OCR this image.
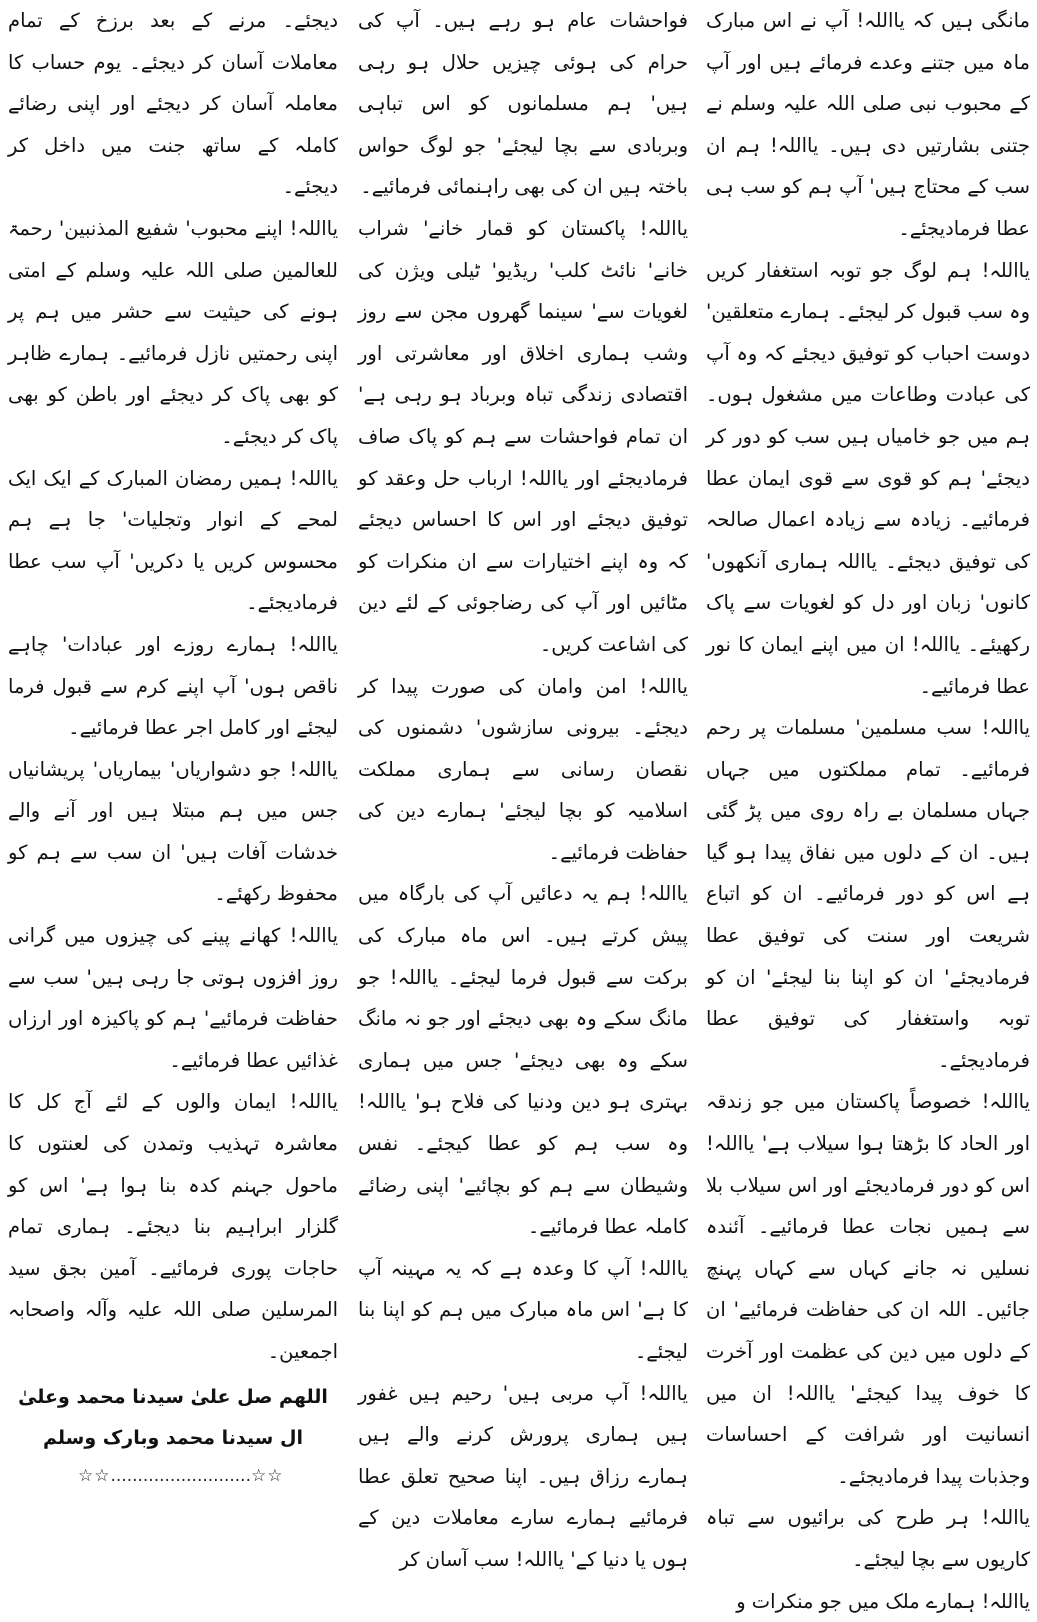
مانگی ہیں کہ یااللہ! آپ نے اس مبارک ماہ میں جتنے وعدے فرمائے ہیں اور آپ کے محبوب نبی صلی اللہ علیہ وسلم نے جتنی بشارتیں دی ہیں۔ یااللہ! ہم ان سب کے محتاج ہیں' آپ ہم کو سب ہی عطا فرمادیجئے۔

یااللہ! ہم لوگ جو توبہ استغفار کریں وہ سب قبول کر لیجئے۔ ہمارے متعلقین' دوست احباب کو توفیق دیجئے کہ وہ آپ کی عبادت وطاعات میں مشغول ہوں۔ ہم میں جو خامیاں ہیں سب کو دور کر دیجئے' ہم کو قوی سے قوی ایمان عطا فرمائیے۔ زیادہ سے زیادہ اعمال صالحہ کی توفیق دیجئے۔ یااللہ ہماری آنکھوں' کانوں' زبان اور دل کو لغویات سے پاک رکھیئے۔ یااللہ! ان میں اپنے ایمان کا نور عطا فرمائیے۔

یااللہ! سب مسلمین' مسلمات پر رحم فرمائیے۔ تمام مملکتوں میں جہاں جہاں مسلمان بے راہ روی میں پڑ گئی ہیں۔ ان کے دلوں میں نفاق پیدا ہو گیا ہے اس کو دور فرمائیے۔ ان کو اتباع شریعت اور سنت کی توفیق عطا فرمادیجئے' ان کو اپنا بنا لیجئے' ان کو توبہ واستغفار کی توفیق عطا فرمادیجئے۔

یااللہ! خصوصاً پاکستان میں جو زندقہ اور الحاد کا بڑھتا ہوا سیلاب ہے' یااللہ! اس کو دور فرمادیجئے اور اس سیلاب بلا سے ہمیں نجات عطا فرمائیے۔ آئندہ نسلیں نہ جانے کہاں سے کہاں پہنچ جائیں۔ اللہ ان کی حفاظت فرمائیے' ان کے دلوں میں دین کی عظمت اور آخرت کا خوف پیدا کیجئے' یااللہ! ان میں انسانیت اور شرافت کے احساسات وجذبات پیدا فرمادیجئے۔

یااللہ! ہر طرح کی برائیوں سے تباہ کاریوں سے بچا لیجئے۔

یااللہ! ہمارے ملک میں جو منکرات و

فواحشات عام ہو رہے ہیں۔ آپ کی حرام کی ہوئی چیزیں حلال ہو رہی ہیں' ہم مسلمانوں کو اس تباہی وبربادی سے بچا لیجئے' جو لوگ حواس باختہ ہیں ان کی بھی راہنمائی فرمائیے۔

یااللہ! پاکستان کو قمار خانے' شراب خانے' نائٹ کلب' ریڈیو' ٹیلی ویژن کی لغویات سے' سینما گھروں مجن سے روز وشب ہماری اخلاق اور معاشرتی اور اقتصادی زندگی تباہ وبرباد ہو رہی ہے' ان تمام فواحشات سے ہم کو پاک صاف فرمادیجئے اور یااللہ! ارباب حل وعقد کو توفیق دیجئے اور اس کا احساس دیجئے کہ وہ اپنے اختیارات سے ان منکرات کو مٹائیں اور آپ کی رضاجوئی کے لئے دین کی اشاعت کریں۔

یااللہ! امن وامان کی صورت پیدا کر دیجئے۔ بیرونی سازشوں' دشمنوں کی نقصان رسانی سے ہماری مملکت اسلامیہ کو بچا لیجئے' ہمارے دین کی حفاظت فرمائیے۔

یااللہ! ہم یہ دعائیں آپ کی بارگاہ میں پیش کرتے ہیں۔ اس ماہ مبارک کی برکت سے قبول فرما لیجئے۔ یااللہ! جو مانگ سکے وہ بھی دیجئے اور جو نہ مانگ سکے وہ بھی دیجئے' جس میں ہماری بہتری ہو دین ودنیا کی فلاح ہو' یااللہ! وہ سب ہم کو عطا کیجئے۔ نفس وشیطان سے ہم کو بچائیے' اپنی رضائے کاملہ عطا فرمائیے۔

یااللہ! آپ کا وعدہ ہے کہ یہ مہینہ آپ کا ہے' اس ماہ مبارک میں ہم کو اپنا بنا لیجئے۔

یااللہ! آپ مربی ہیں' رحیم ہیں غفور ہیں ہماری پرورش کرنے والے ہیں ہمارے رزاق ہیں۔ اپنا صحیح تعلق عطا فرمائیے ہمارے سارے معاملات دین کے ہوں یا دنیا کے' یااللہ! سب آسان کر

دیجئے۔ مرنے کے بعد برزخ کے تمام معاملات آسان کر دیجئے۔ یوم حساب کا معاملہ آسان کر دیجئے اور اپنی رضائے کاملہ کے ساتھ جنت میں داخل کر دیجئے۔

یااللہ! اپنے محبوب' شفیع المذنبین' رحمۃ للعالمین صلی اللہ علیہ وسلم کے امتی ہونے کی حیثیت سے حشر میں ہم پر اپنی رحمتیں نازل فرمائیے۔ ہمارے ظاہر کو بھی پاک کر دیجئے اور باطن کو بھی پاک کر دیجئے۔

یااللہ! ہمیں رمضان المبارک کے ایک ایک لمحے کے انوار وتجلیات' جا ہے ہم محسوس کریں یا دکریں' آپ سب عطا فرمادیجئے۔

یااللہ! ہمارے روزے اور عبادات' چاہے ناقص ہوں' آپ اپنے کرم سے قبول فرما لیجئے اور کامل اجر عطا فرمائیے۔

یااللہ! جو دشواریاں' بیماریاں' پریشانیاں جس میں ہم مبتلا ہیں اور آنے والے خدشات آفات ہیں' ان سب سے ہم کو محفوظ رکھئے۔

یااللہ! کھانے پینے کی چیزوں میں گرانی روز افزوں ہوتی جا رہی ہیں' سب سے حفاظت فرمائیے' ہم کو پاکیزہ اور ارزاں غذائیں عطا فرمائیے۔

یااللہ! ایمان والوں کے لئے آج کل کا معاشرہ تہذیب وتمدن کی لعنتوں کا ماحول جہنم کدہ بنا ہوا ہے' اس کو گلزار ابراہیم بنا دیجئے۔ ہماری تمام حاجات پوری فرمائیے۔ آمین بجق سید المرسلین صلی اللہ علیہ وآلہ واصحابہ اجمعین۔

اللھم صل علیٰ سیدنا محمد وعلیٰ
ال سیدنا محمد وبارک وسلم
☆☆..........................☆☆
